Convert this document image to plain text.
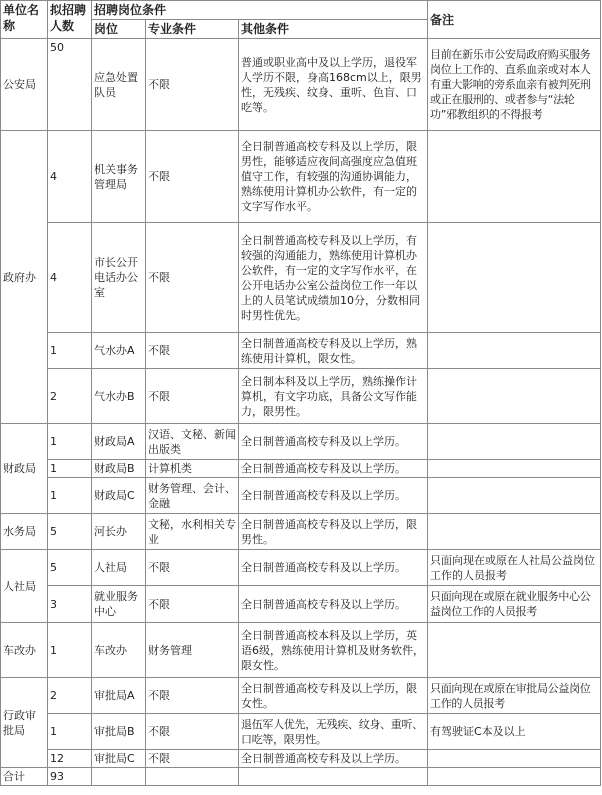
单位名称	拟招聘人数	招聘岗位条件			备注
		岗位	专业条件	其他条件	
公安局	50	应急处置队员	不限	普通或职业高中及以上学历，退役军人学历不限，身高168cm以上，限男性，无残疾、纹身、重听、色盲、口吃等。	目前在新乐市公安局政府购买服务岗位上工作的、直系血亲或对本人有重大影响的旁系血亲有被判死刑或正在服刑的、或者参与“法轮功”邪教组织的不得报考
政府办	4	机关事务管理局	不限	全日制普通高校专科及以上学历，限男性，能够适应夜间高强度应急值班值守工作，有较强的沟通协调能力，熟练使用计算机办公软件，有一定的文字写作水平。	
	4	市长公开电话办公室	不限	全日制普通高校专科及以上学历，有较强的沟通能力，熟练使用计算机办公软件，有一定的文字写作水平，在公开电话办公室公益岗位工作一年以上的人员笔试成绩加10分，分数相同时男性优先。	
	1	气水办A	不限	全日制普通高校专科及以上学历，熟练使用计算机，限女性。	
	2	气水办B	不限	全日制本科及以上学历，熟练操作计算机，有文字功底，具备公文写作能力，限男性。	
财政局	1	财政局A	汉语、文秘、新闻出版类	全日制普通高校专科及以上学历。	
	1	财政局B	计算机类	全日制普通高校专科及以上学历。	
	1	财政局C	财务管理、会计、金融	全日制普通高校专科及以上学历。	
水务局	5	河长办	文秘，水利相关专业	全日制普通高校专科及以上学历，限男性。	
人社局	5	人社局	不限	全日制普通高校专科及以上学历。	只面向现在或原在人社局公益岗位工作的人员报考
	3	就业服务中心	不限	全日制普通高校专科及以上学历。	只面向现在或原在就业服务中心公益岗位工作的人员报考
车改办	1	车改办	财务管理	全日制普通高校本科及以上学历，英语6级，熟练使用计算机及财务软件，限女性。	
行政审批局	2	审批局A	不限	全日制普通高校专科及以上学历，限女性。	只面向现在或原在审批局公益岗位工作的人员报考
	1	审批局B	不限	退伍军人优先，无残疾、纹身、重听、口吃等，限男性。	有驾驶证C本及以上
	12	审批局C	不限	全日制普通高校专科及以上学历。	
合计	93				
